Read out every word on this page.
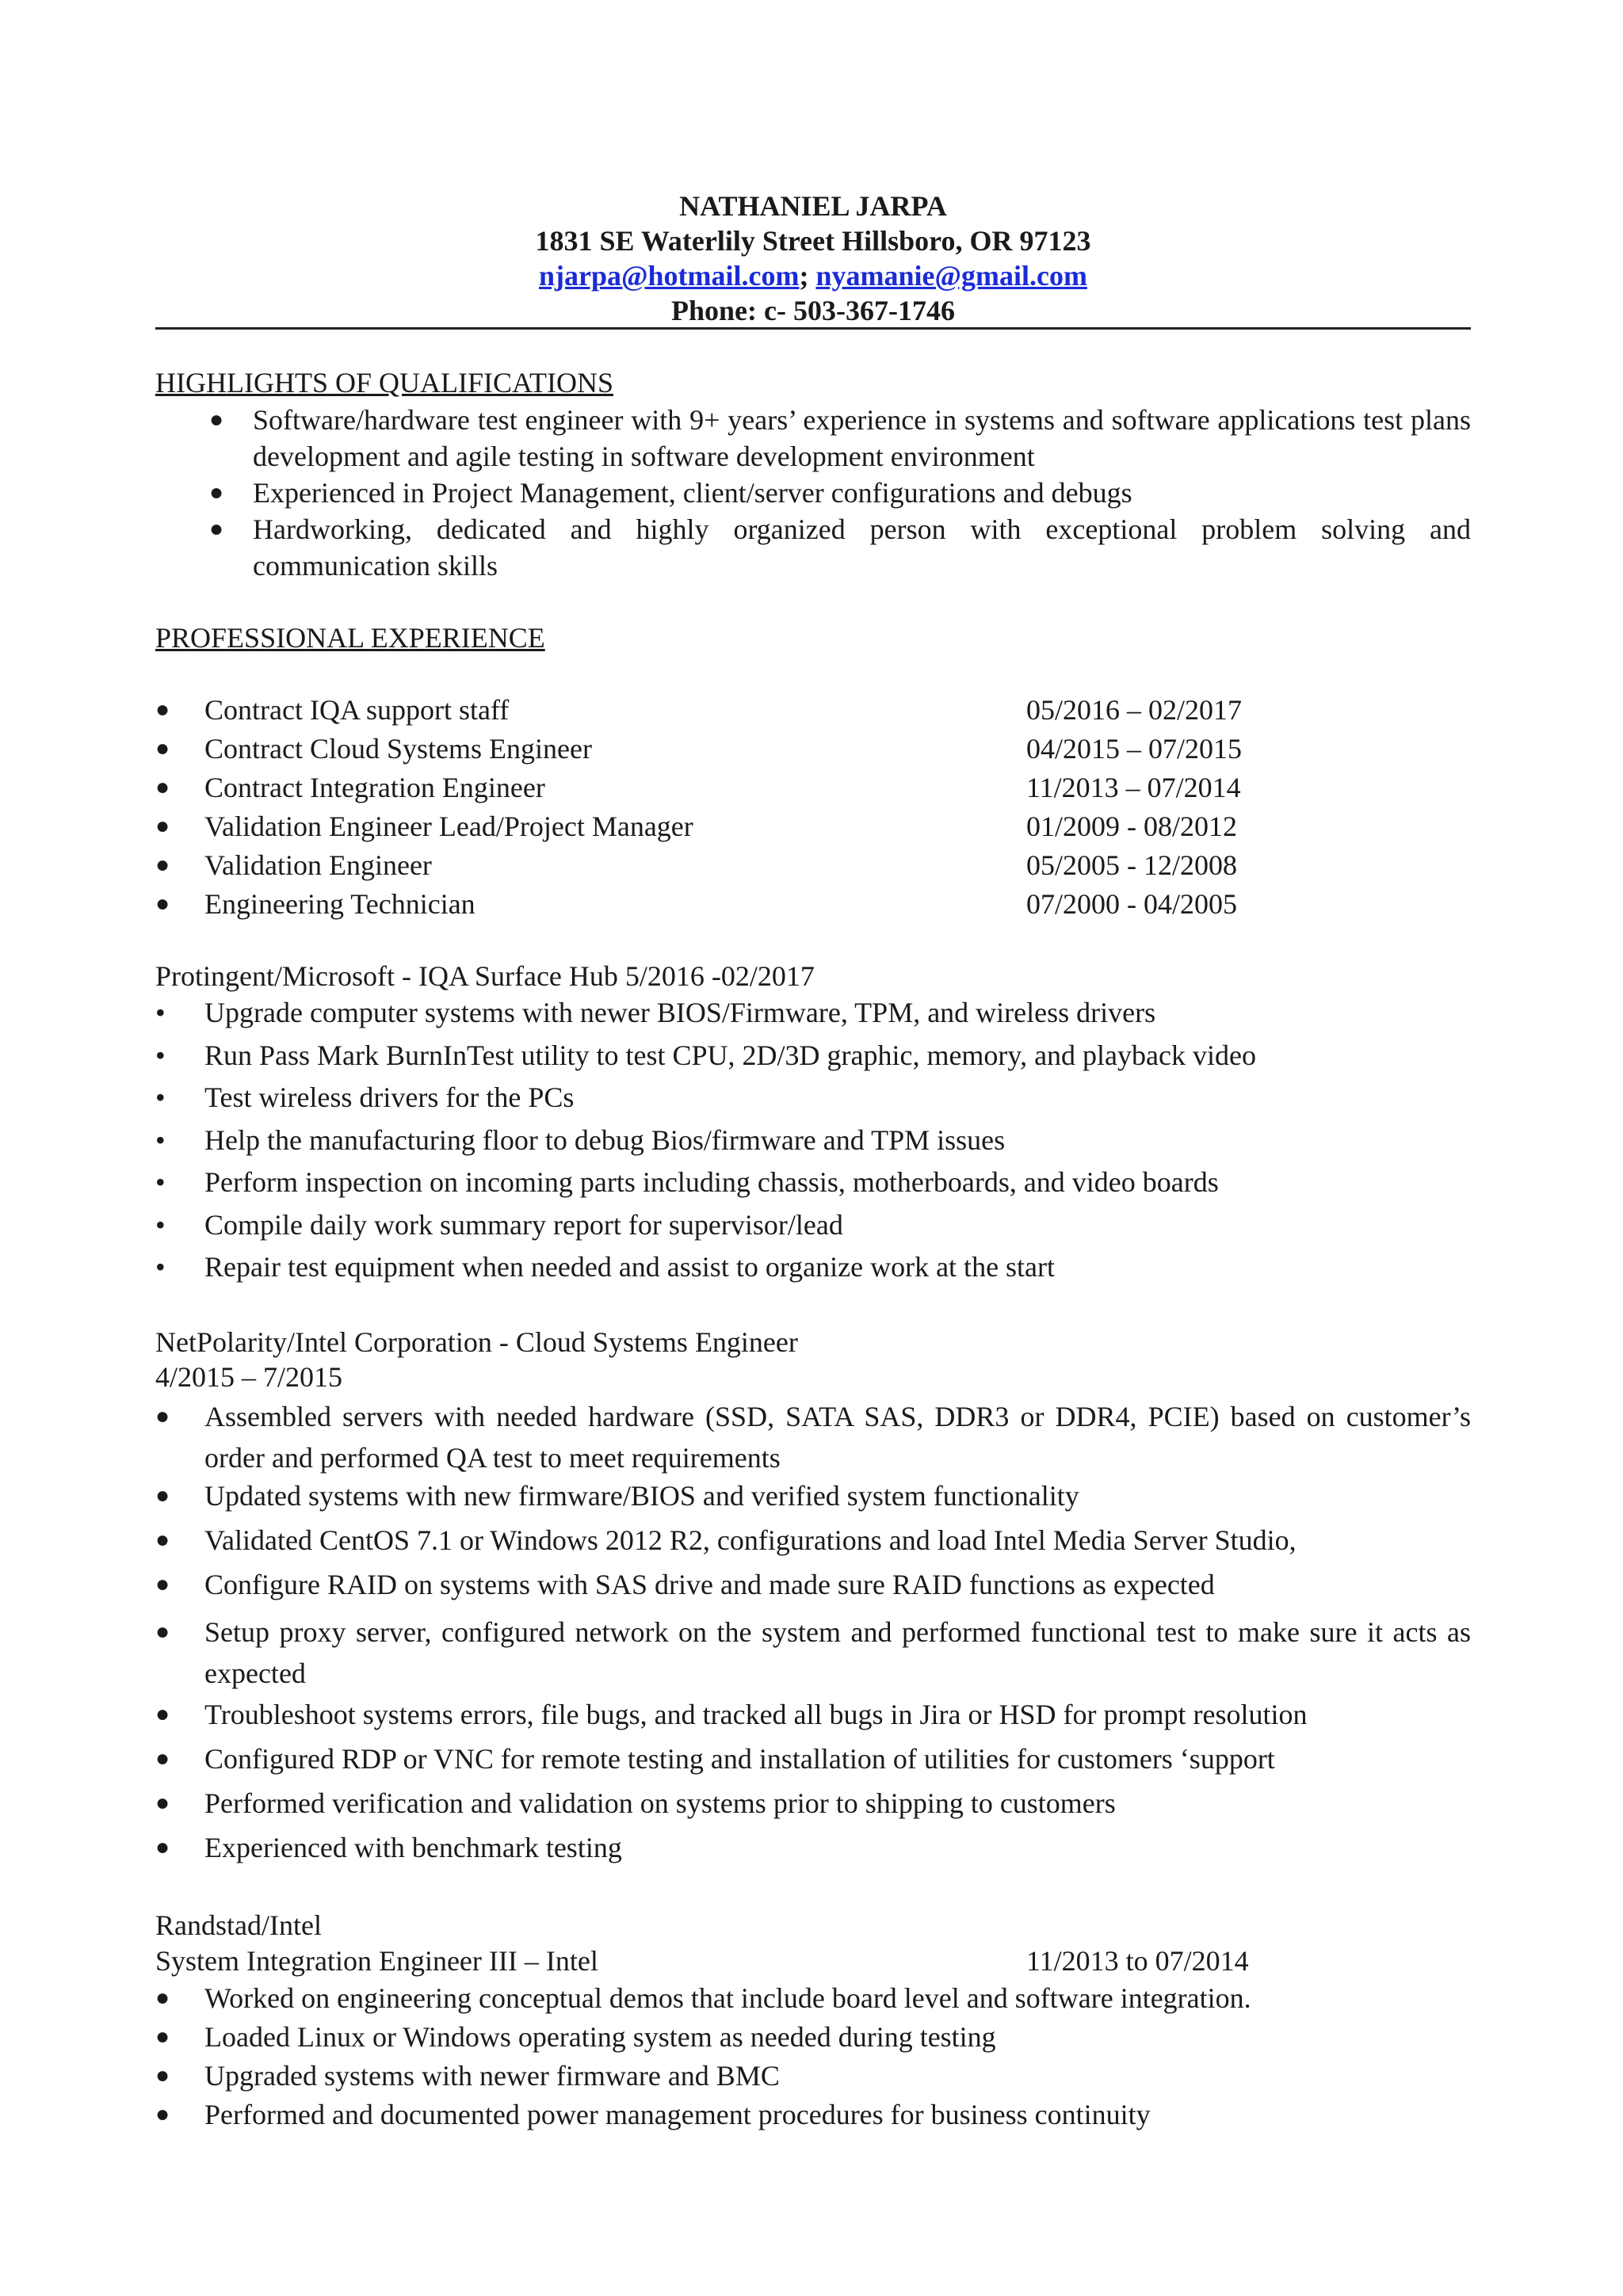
NATHANIEL JARPA
1831 SE Waterlily Street Hillsboro, OR 97123
njarpa@hotmail.com; nyamanie@gmail.com
Phone: c- 503-367-1746
HIGHLIGHTS OF QUALIFICATIONS
● Software/hardware test engineer with 9+ years’ experience in systems and software applications test plans development and agile testing in software development environment
● Experienced in Project Management, client/server configurations and debugs
● Hardworking, dedicated and highly organized person with exceptional problem solving and communication skills
PROFESSIONAL EXPERIENCE
● Contract IQA support staff	05/2016 – 02/2017
● Contract Cloud Systems Engineer	04/2015 – 07/2015
● Contract Integration Engineer	11/2013 – 07/2014
● Validation Engineer Lead/Project Manager	01/2009 - 08/2012
● Validation Engineer	05/2005 - 12/2008
● Engineering Technician	07/2000 - 04/2005
Protingent/Microsoft - IQA Surface Hub 5/2016 -02/2017
• Upgrade computer systems with newer BIOS/Firmware, TPM, and wireless drivers
• Run Pass Mark BurnInTest utility to test CPU, 2D/3D graphic, memory, and playback video
• Test wireless drivers for the PCs
• Help the manufacturing floor to debug Bios/firmware and TPM issues
• Perform inspection on incoming parts including chassis, motherboards, and video boards
• Compile daily work summary report for supervisor/lead
• Repair test equipment when needed and assist to organize work at the start
NetPolarity/Intel Corporation - Cloud Systems Engineer
4/2015 – 7/2015
● Assembled servers with needed hardware (SSD, SATA SAS, DDR3 or DDR4, PCIE) based on customer’s order and performed QA test to meet requirements
● Updated systems with new firmware/BIOS and verified system functionality
● Validated CentOS 7.1 or Windows 2012 R2, configurations and load Intel Media Server Studio,
● Configure RAID on systems with SAS drive and made sure RAID functions as expected
● Setup proxy server, configured network on the system and performed functional test to make sure it acts as expected
● Troubleshoot systems errors, file bugs, and tracked all bugs in Jira or HSD for prompt resolution
● Configured RDP or VNC for remote testing and installation of utilities for customers ‘support
● Performed verification and validation on systems prior to shipping to customers
● Experienced with benchmark testing
Randstad/Intel
System Integration Engineer III – Intel	11/2013 to 07/2014
● Worked on engineering conceptual demos that include board level and software integration.
● Loaded Linux or Windows operating system as needed during testing
● Upgraded systems with newer firmware and BMC
● Performed and documented power management procedures for business continuity
